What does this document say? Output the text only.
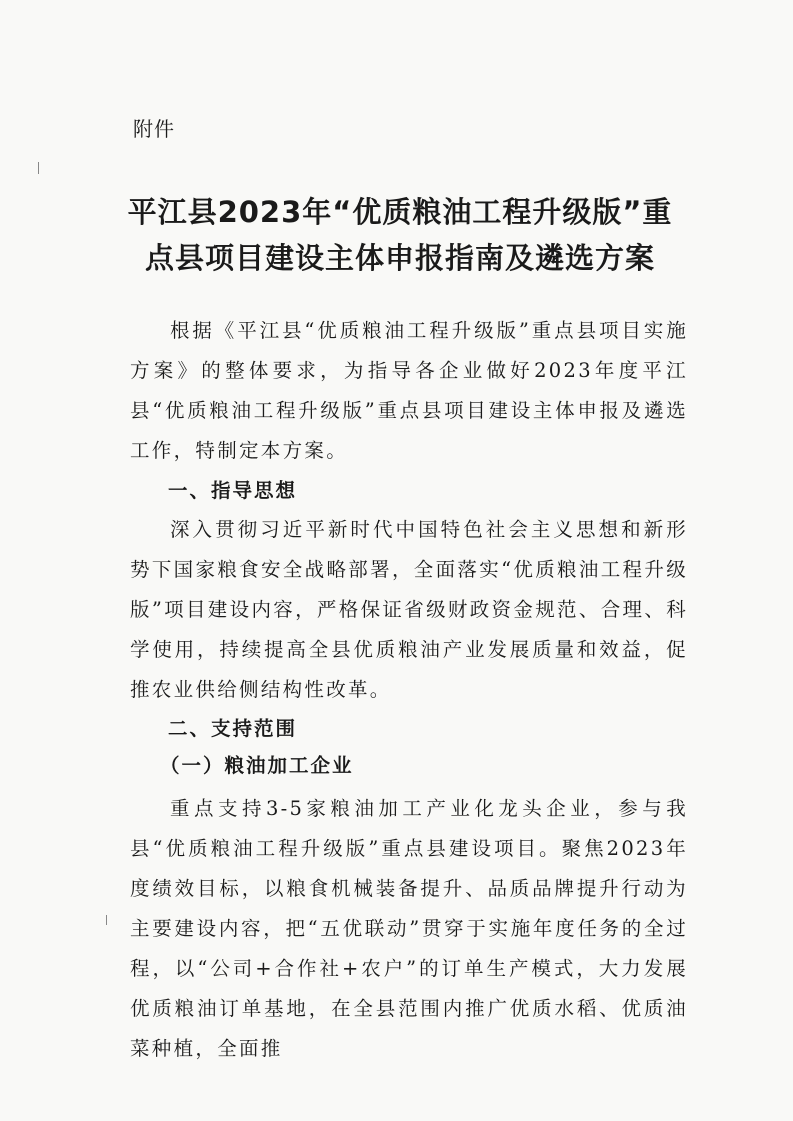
附件
平江县2023年“优质粮油工程升级版”重
点县项目建设主体申报指南及遴选方案

根据《平江县“优质粮油工程升级版”重点县项目实施方案》的整体要求，为指导各企业做好2023年度平江县“优质粮油工程升级版”重点县项目建设主体申报及遴选工作，特制定本方案。

一、指导思想

深入贯彻习近平新时代中国特色社会主义思想和新形势下国家粮食安全战略部署，全面落实“优质粮油工程升级版”项目建设内容，严格保证省级财政资金规范、合理、科学使用，持续提高全县优质粮油产业发展质量和效益，促推农业供给侧结构性改革。

二、支持范围
（一）粮油加工企业

重点支持3-5家粮油加工产业化龙头企业，参与我县“优质粮油工程升级版”重点县建设项目。聚焦2023年度绩效目标，以粮食机械装备提升、品质品牌提升行动为主要建设内容，把“五优联动”贯穿于实施年度任务的全过程，以“公司+合作社+农户”的订单生产模式，大力发展优质粮油订单基地，在全县范围内推广优质水稻、优质油菜种植，全面推
